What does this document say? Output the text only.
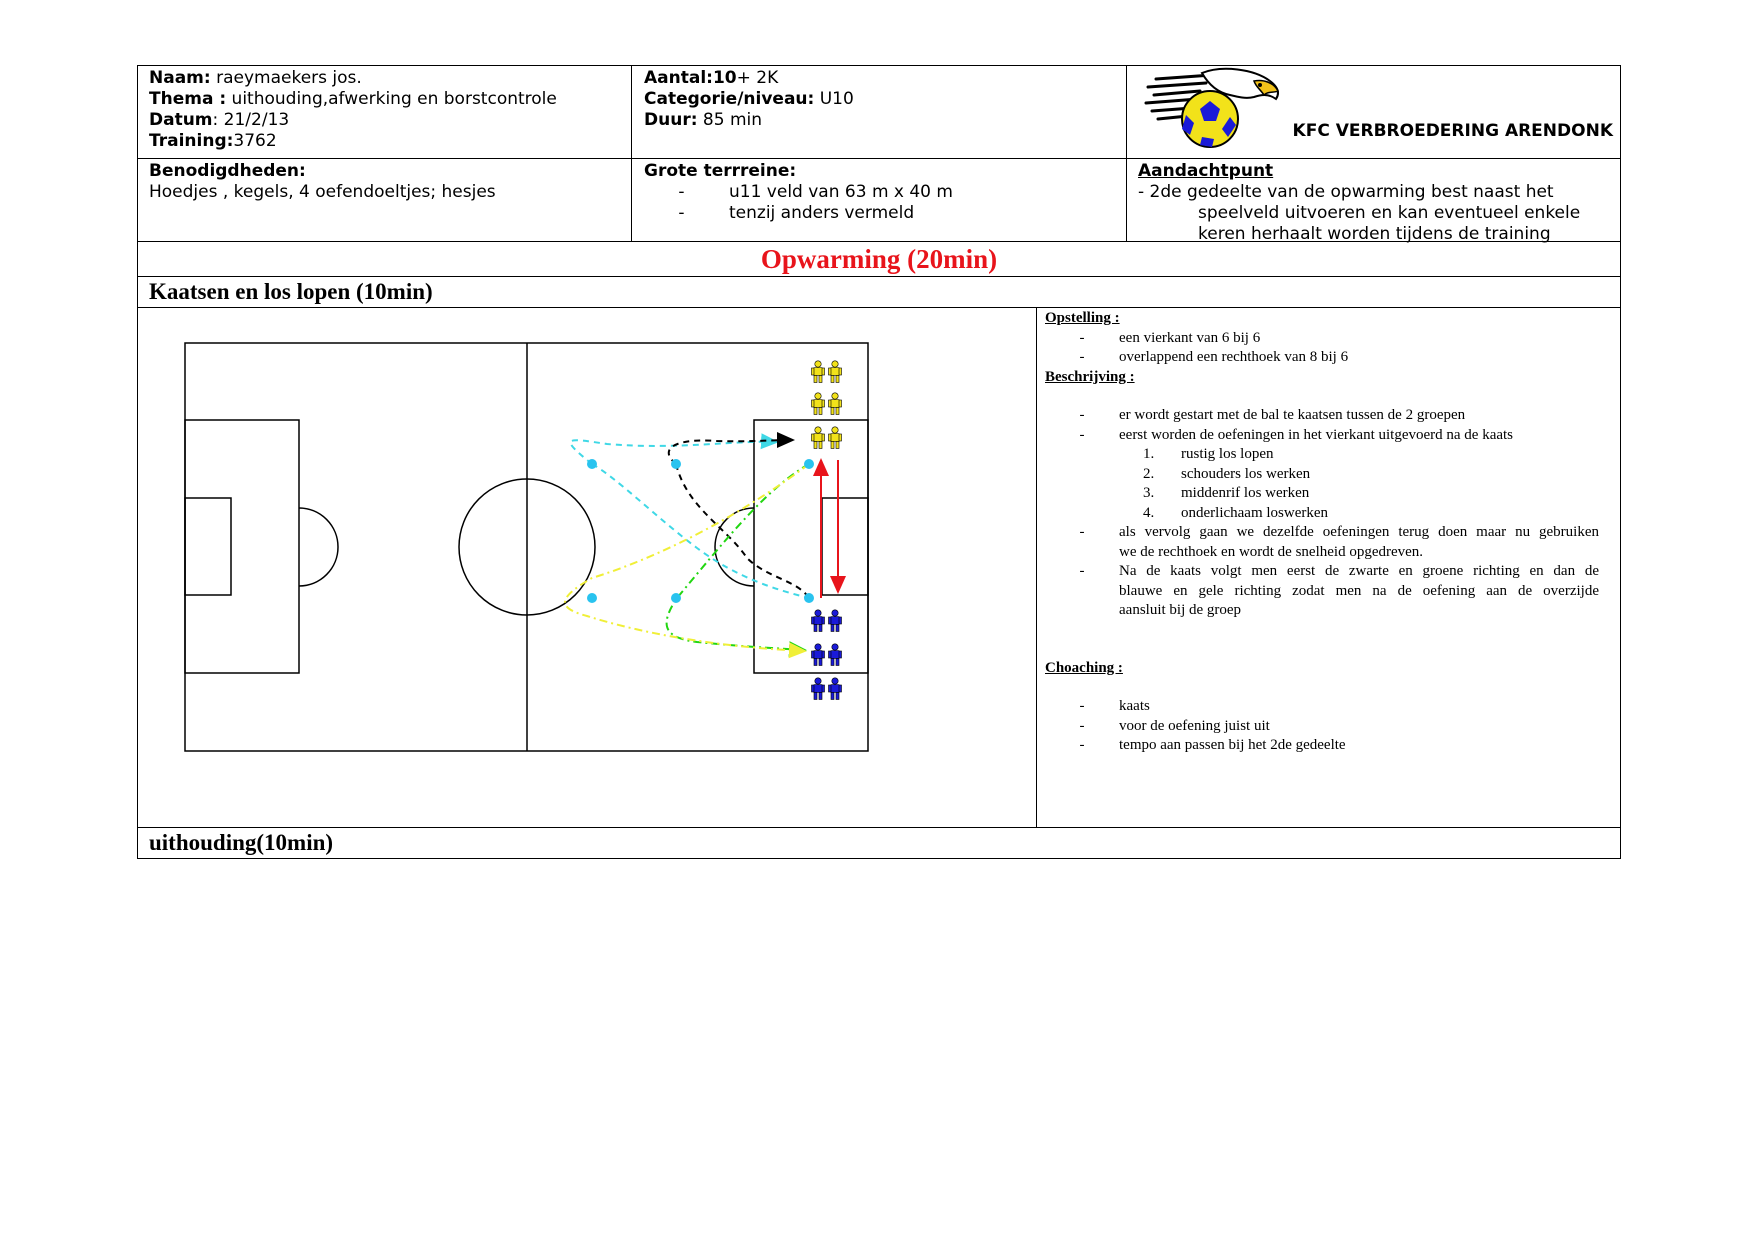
Naam: raeymaekers jos.
Thema : uithouding,afwerking en borstcontrole
Datum: 21/2/13
Training:3762
Aantal:10+ 2K
Categorie/niveau: U10
Duur: 85 min
KFC VERBROEDERING ARENDONK
Benodigdheden:
Hoedjes , kegels, 4 oefendoeltjes; hesjes
Grote terrreine:
-	u11 veld van 63 m x 40 m
-	tenzij anders vermeld
Aandachtpunt
- 2de gedeelte van de opwarming best naast het
speelveld uitvoeren en kan eventueel enkele
keren herhaalt worden tijdens de training
Opwarming (20min)
Kaatsen en los lopen (10min)
Opstelling :
-	een vierkant van 6 bij 6
-	overlappend een rechthoek van 8 bij 6
Beschrijving :
-	er wordt gestart met de bal te kaatsen tussen de 2 groepen
-	eerst worden de oefeningen in het vierkant uitgevoerd na de kaats
1.	rustig los lopen
2.	schouders los werken
3.	middenrif los werken
4.	onderlichaam loswerken
-	als vervolg gaan we dezelfde oefeningen terug doen maar nu gebruiken
we de rechthoek en wordt de snelheid opgedreven.
-	Na de kaats volgt men eerst de zwarte en groene richting en dan de
blauwe en gele richting zodat men na de oefening aan de overzijde
aansluit bij de groep
Choaching :
-	kaats
-	voor de oefening juist uit
-	tempo aan passen bij het 2de gedeelte
uithouding(10min)
